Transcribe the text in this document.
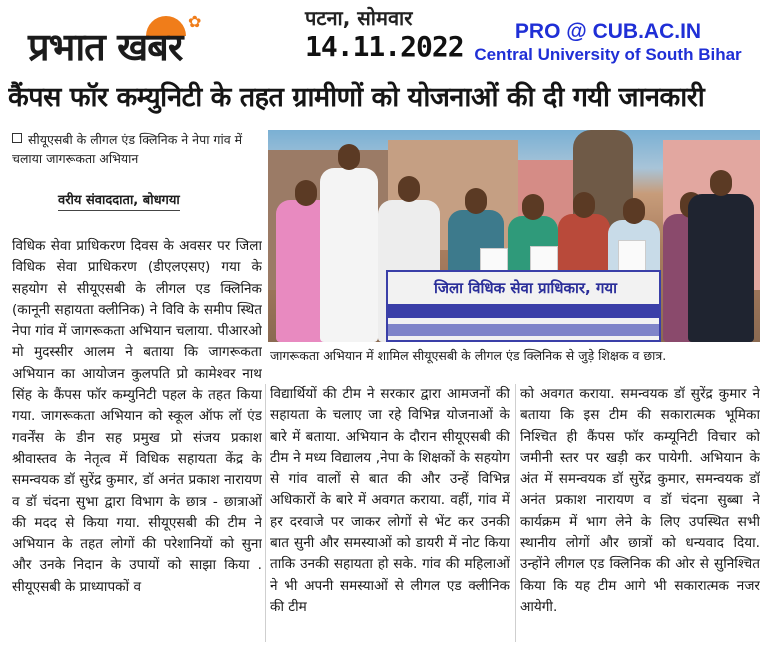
✿
प्रभात खबर
पटना, सोमवार
14.11.2022	PRO @ CUB.AC.IN
Central University of South Bihar
कैंपस फॉर कम्युनिटी के तहत ग्रामीणों को योजनाओं की दी गयी जानकारी
सीयूएसबी के लीगल एंड क्लिनिक ने नेपा गांव में चलाया जागरूकता अभियान
वरीय संवाददाता, बोधगया
विधिक सेवा प्राधिकरण दिवस के अवसर पर जिला विधिक सेवा प्राधिकरण (डीएलएसए) गया के सहयोग से सीयूएसबी के लीगल एड क्लिनिक (कानूनी सहायता क्लीनिक) ने विवि के समीप स्थित नेपा गांव में जागरूकता अभियान चलाया. पीआरओ मो मुदस्सीर आलम ने बताया कि जागरूकता अभियान का आयोजन कुलपति प्रो कामेश्वर नाथ सिंह के कैंपस फॉर कम्युनिटी पहल के तहत किया गया. जागरूकता अभियान को स्कूल ऑफ लॉ एंड गवर्नेंस के डीन सह प्रमुख प्रो संजय प्रकाश श्रीवास्तव के नेतृत्व में विधिक सहायता केंद्र के समन्वयक डॉ सुरेंद्र कुमार, डॉ अनंत प्रकाश नारायण व डॉ चंदना सुभा द्वारा विभाग के छात्र - छात्राओं की मदद से किया गया. सीयूएसबी की टीम ने अभियान के तहत लोगों की परेशानियों को सुना और उनके निदान के उपायों को साझा किया . सीयूएसबी के प्राध्यापकों व
जिला विधिक सेवा प्राधिकार, गया
जागरूकता अभियान में शामिल सीयूएसबी के लीगल एंड क्लिनिक से जुड़े शिक्षक व छात्र.
विद्यार्थियों की टीम ने सरकार द्वारा आमजनों की सहायता के चलाए जा रहे विभिन्न योजनाओं के बारे में बताया. अभियान के दौरान सीयूएसबी की टीम ने मध्य विद्यालय ,नेपा के शिक्षकों के सहयोग से गांव वालों से बात की और उन्हें विभिन्न अधिकारों के बारे में अवगत कराया. वहीं, गांव में हर दरवाजे पर जाकर लोगों से भेंट कर उनकी बात सुनी और समस्याओं को डायरी में नोट किया ताकि उनकी सहायता हो सके. गांव की महिलाओं ने भी अपनी समस्याओं से लीगल एड क्लीनिक की टीम
को अवगत कराया. समन्वयक डॉ सुरेंद्र कुमार ने बताया कि इस टीम की सकारात्मक भूमिका निश्चित ही कैंपस फॉर कम्यूनिटी विचार को जमीनी स्तर पर खड़ी कर पायेगी. अभियान के अंत में समन्वयक डॉ सुरेंद्र कुमार, समन्वयक डॉ अनंत प्रकाश नारायण व डॉ चंदना सुब्बा ने कार्यक्रम में भाग लेने के लिए उपस्थित सभी स्थानीय लोगों और छात्रों को धन्यवाद दिया. उन्होंने लीगल एड क्लिनिक की ओर से सुनिश्चित किया कि यह टीम आगे भी सकारात्मक नजर आयेगी.
